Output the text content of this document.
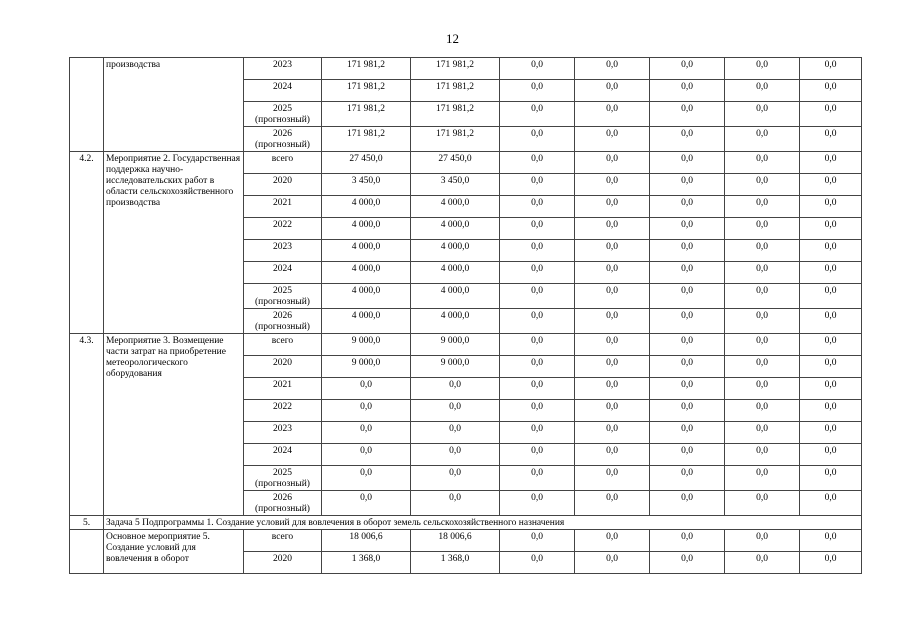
12
	производства	2023	171 981,2	171 981,2	0,0	0,0	0,0	0,0	0,0

		2024	171 981,2	171 981,2	0,0	0,0	0,0	0,0	0,0

		2025
(прогнозный)	171 981,2	171 981,2	0,0	0,0	0,0	0,0	0,0

		2026
(прогнозный)	171 981,2	171 981,2	0,0	0,0	0,0	0,0	0,0
4.2.	Мероприятие 2. Государственная поддержка научно-исследовательских работ в области сельскохозяйственного производства	всего	27 450,0	27 450,0	0,0	0,0	0,0	0,0	0,0

		2020	3 450,0	3 450,0	0,0	0,0	0,0	0,0	0,0

		2021	4 000,0	4 000,0	0,0	0,0	0,0	0,0	0,0

		2022	4 000,0	4 000,0	0,0	0,0	0,0	0,0	0,0

		2023	4 000,0	4 000,0	0,0	0,0	0,0	0,0	0,0

		2024	4 000,0	4 000,0	0,0	0,0	0,0	0,0	0,0

		2025
(прогнозный)	4 000,0	4 000,0	0,0	0,0	0,0	0,0	0,0

		2026
(прогнозный)	4 000,0	4 000,0	0,0	0,0	0,0	0,0	0,0
4.3.	Мероприятие 3. Возмещение части затрат на приобретение метеорологического оборудования	всего	9 000,0	9 000,0	0,0	0,0	0,0	0,0	0,0

		2020	9 000,0	9 000,0	0,0	0,0	0,0	0,0	0,0

		2021	0,0	0,0	0,0	0,0	0,0	0,0	0,0

		2022	0,0	0,0	0,0	0,0	0,0	0,0	0,0

		2023	0,0	0,0	0,0	0,0	0,0	0,0	0,0

		2024	0,0	0,0	0,0	0,0	0,0	0,0	0,0

		2025
(прогнозный)	0,0	0,0	0,0	0,0	0,0	0,0	0,0

		2026
(прогнозный)	0,0	0,0	0,0	0,0	0,0	0,0	0,0
5.	Задача 5 Подпрограммы 1. Создание условий для вовлечения в оборот земель сельскохозяйственного назначения								
	Основное мероприятие 5. Создание условий для вовлечения в оборот	всего	18 006,6	18 006,6	0,0	0,0	0,0	0,0	0,0

		2020	1 368,0	1 368,0	0,0	0,0	0,0	0,0	0,0
